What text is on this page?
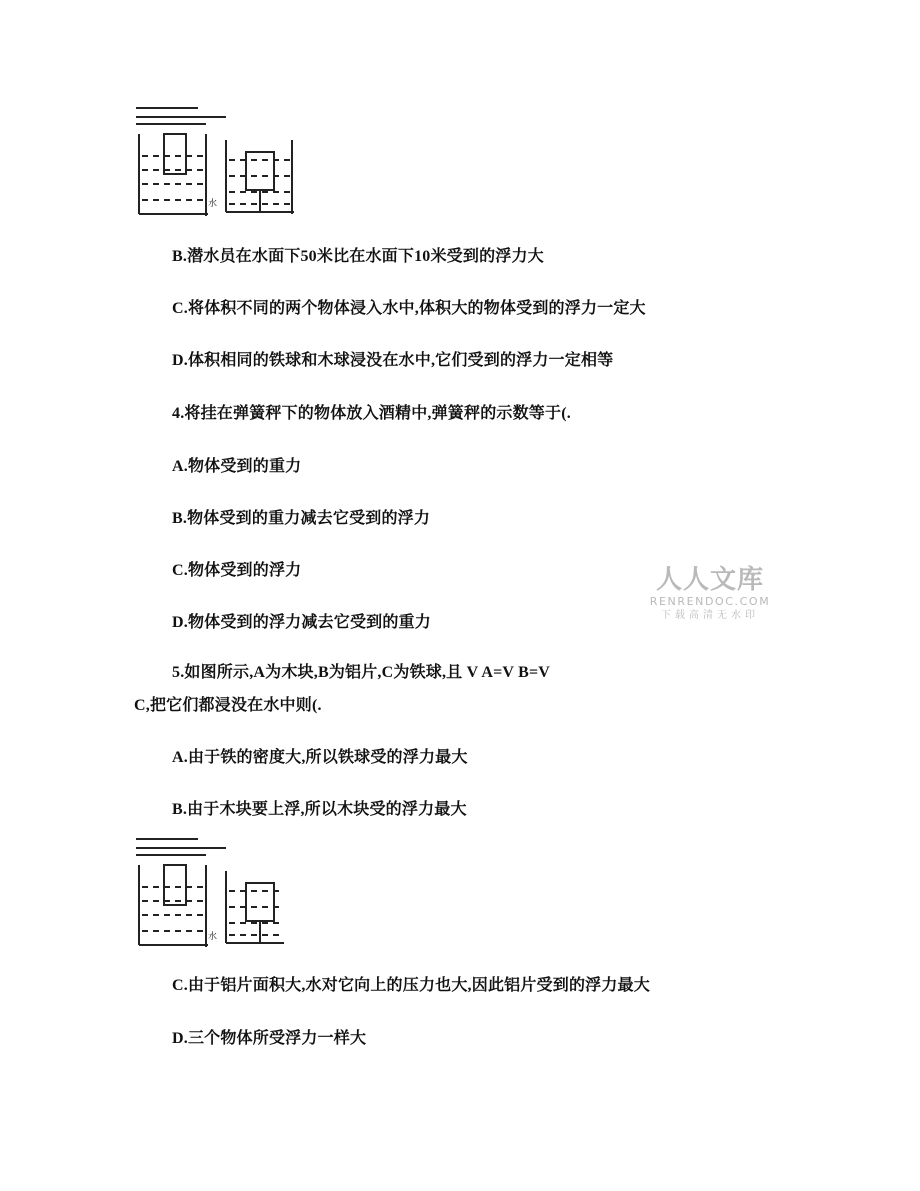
水
B.潜水员在水面下50米比在水面下10米受到的浮力大
C.将体积不同的两个物体浸入水中,体积大的物体受到的浮力一定大
D.体积相同的铁球和木球浸没在水中,它们受到的浮力一定相等
4.将挂在弹簧秤下的物体放入酒精中,弹簧秤的示数等于(.
A.物体受到的重力
B.物体受到的重力减去它受到的浮力
C.物体受到的浮力
D.物体受到的浮力减去它受到的重力
5.如图所示,A为木块,B为铝片,C为铁球,且 V A=V B=V
C,把它们都浸没在水中则(.
A.由于铁的密度大,所以铁球受的浮力最大
B.由于木块要上浮,所以木块受的浮力最大
水
C.由于铝片面积大,水对它向上的压力也大,因此铝片受到的浮力最大
D.三个物体所受浮力一样大
人人文库
RENRENDOC.COM
下载高清无水印
